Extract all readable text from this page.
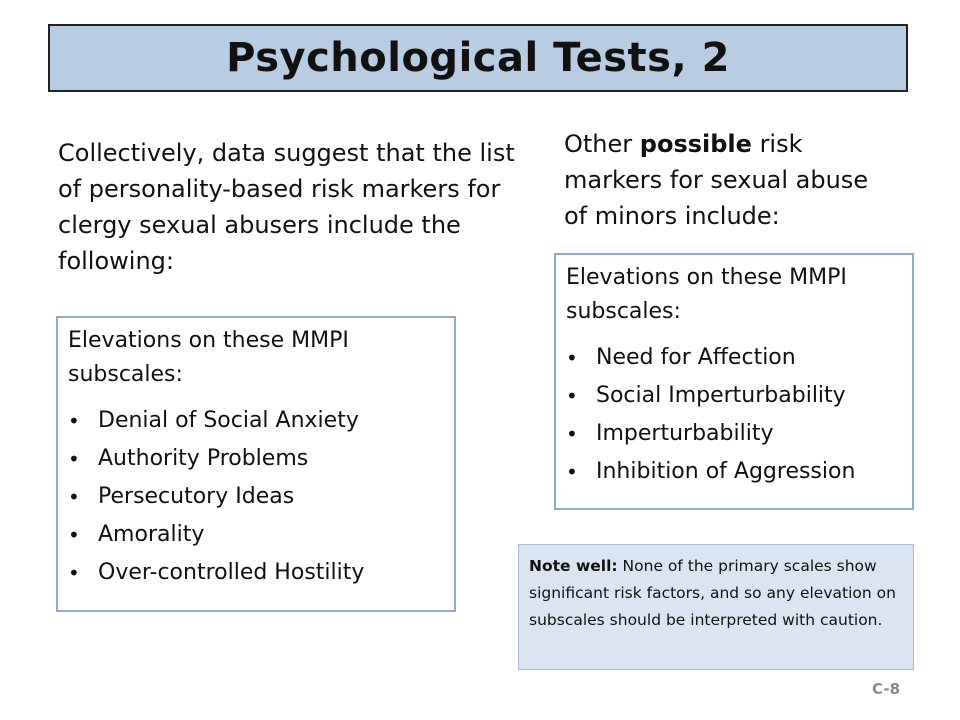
Psychological Tests, 2

Collectively, data suggest that the list of personality-based risk markers for clergy sexual abusers include the following:

Other possible risk markers for sexual abuse of minors include:

Elevations on these MMPI subscales:

• Denial of Social Anxiety
• Authority Problems
• Persecutory Ideas
• Amorality
• Over-controlled Hostility

Elevations on these MMPI subscales:

• Need for Affection
• Social Imperturbability
• Imperturbability
• Inhibition of Aggression
Note well: None of the primary scales show significant risk factors, and so any elevation on subscales should be interpreted with caution.
C-8
